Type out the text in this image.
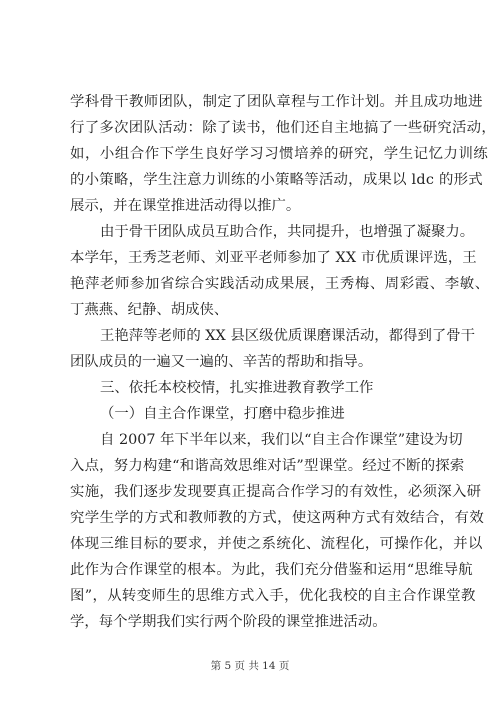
学科骨干教师团队，制定了团队章程与工作计划。并且成功地进
行了多次团队活动：除了读书，他们还自主地搞了一些研究活动，
如，小组合作下学生良好学习习惯培养的研究，学生记忆力训练
的小策略，学生注意力训练的小策略等活动，成果以 ldc 的形式
展示，并在课堂推进活动得以推广。
由于骨干团队成员互助合作，共同提升，也增强了凝聚力。
本学年，王秀芝老师、刘亚平老师参加了 XX 市优质课评选，王
艳萍老师参加省综合实践活动成果展，王秀梅、周彩霞、李敏、
丁燕燕、纪静、胡成侠、
王艳萍等老师的 XX 县区级优质课磨课活动，都得到了骨干
团队成员的一遍又一遍的、辛苦的帮助和指导。
三、依托本校校情，扎实推进教育教学工作
（一）自主合作课堂，打磨中稳步推进
自 2007 年下半年以来，我们以“自主合作课堂”建设为切
入点，努力构建“和谐高效思维对话”型课堂。经过不断的探索
实施，我们逐步发现要真正提高合作学习的有效性，必须深入研
究学生学的方式和教师教的方式，使这两种方式有效结合，有效
体现三维目标的要求，并使之系统化、流程化，可操作化，并以
此作为合作课堂的根本。为此，我们充分借鉴和运用“思维导航
图”，从转变师生的思维方式入手，优化我校的自主合作课堂教
学，每个学期我们实行两个阶段的课堂推进活动。
第 5 页 共 14 页
